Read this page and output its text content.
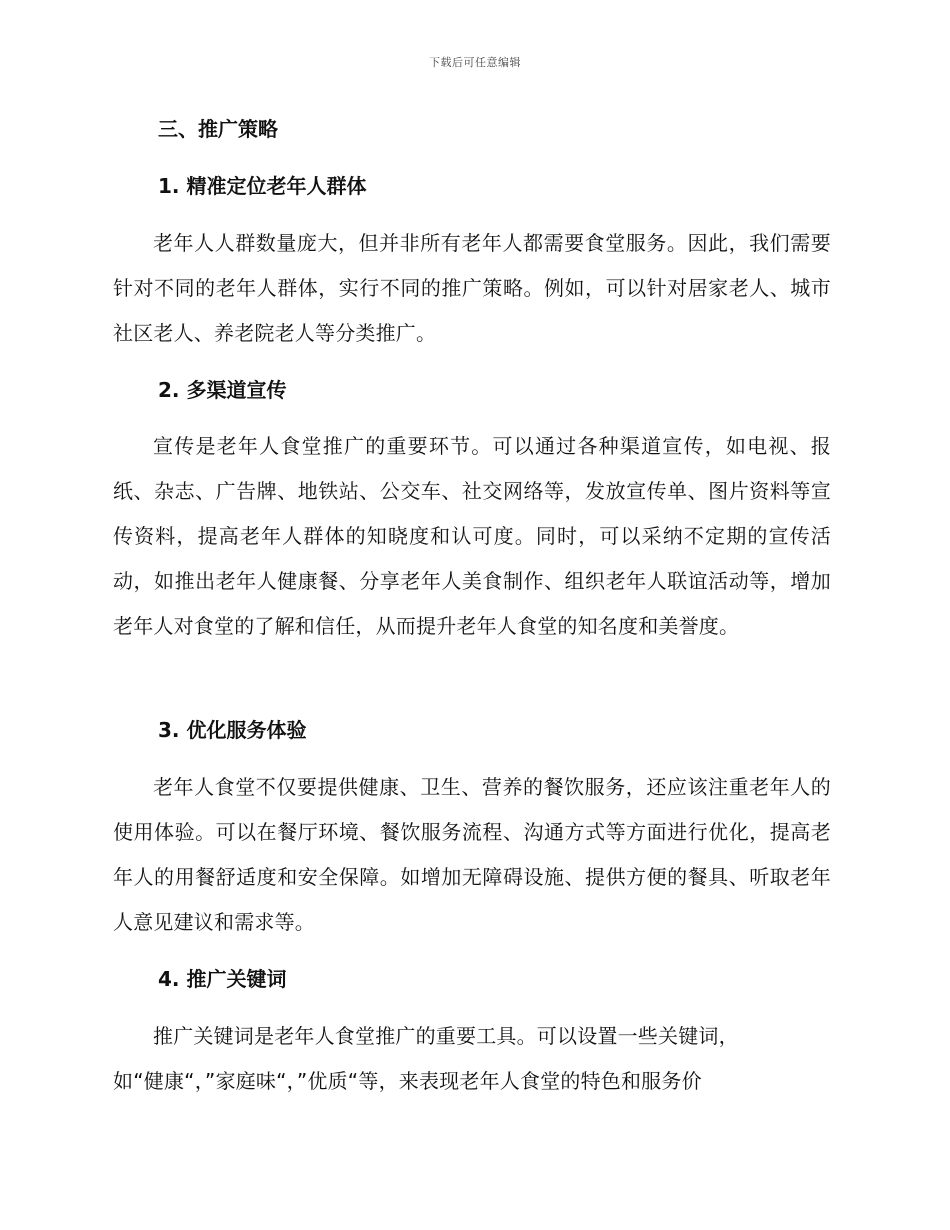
下载后可任意编辑
三、推广策略
1. 精准定位老年人群体

老年人人群数量庞大，但并非所有老年人都需要食堂服务。因此，我们需要针对不同的老年人群体，实行不同的推广策略。例如，可以针对居家老人、城市社区老人、养老院老人等分类推广。

2. 多渠道宣传

宣传是老年人食堂推广的重要环节。可以通过各种渠道宣传，如电视、报纸、杂志、广告牌、地铁站、公交车、社交网络等，发放宣传单、图片资料等宣传资料，提高老年人群体的知晓度和认可度。同时，可以采纳不定期的宣传活动，如推出老年人健康餐、分享老年人美食制作、组织老年人联谊活动等，增加老年人对食堂的了解和信任，从而提升老年人食堂的知名度和美誉度。

3. 优化服务体验

老年人食堂不仅要提供健康、卫生、营养的餐饮服务，还应该注重老年人的使用体验。可以在餐厅环境、餐饮服务流程、沟通方式等方面进行优化，提高老年人的用餐舒适度和安全保障。如增加无障碍设施、提供方便的餐具、听取老年人意见建议和需求等。

4. 推广关键词

推广关键词是老年人食堂推广的重要工具。可以设置一些关键词，

如“健康“，”家庭味“，”优质“等，来表现老年人食堂的特色和服务价
